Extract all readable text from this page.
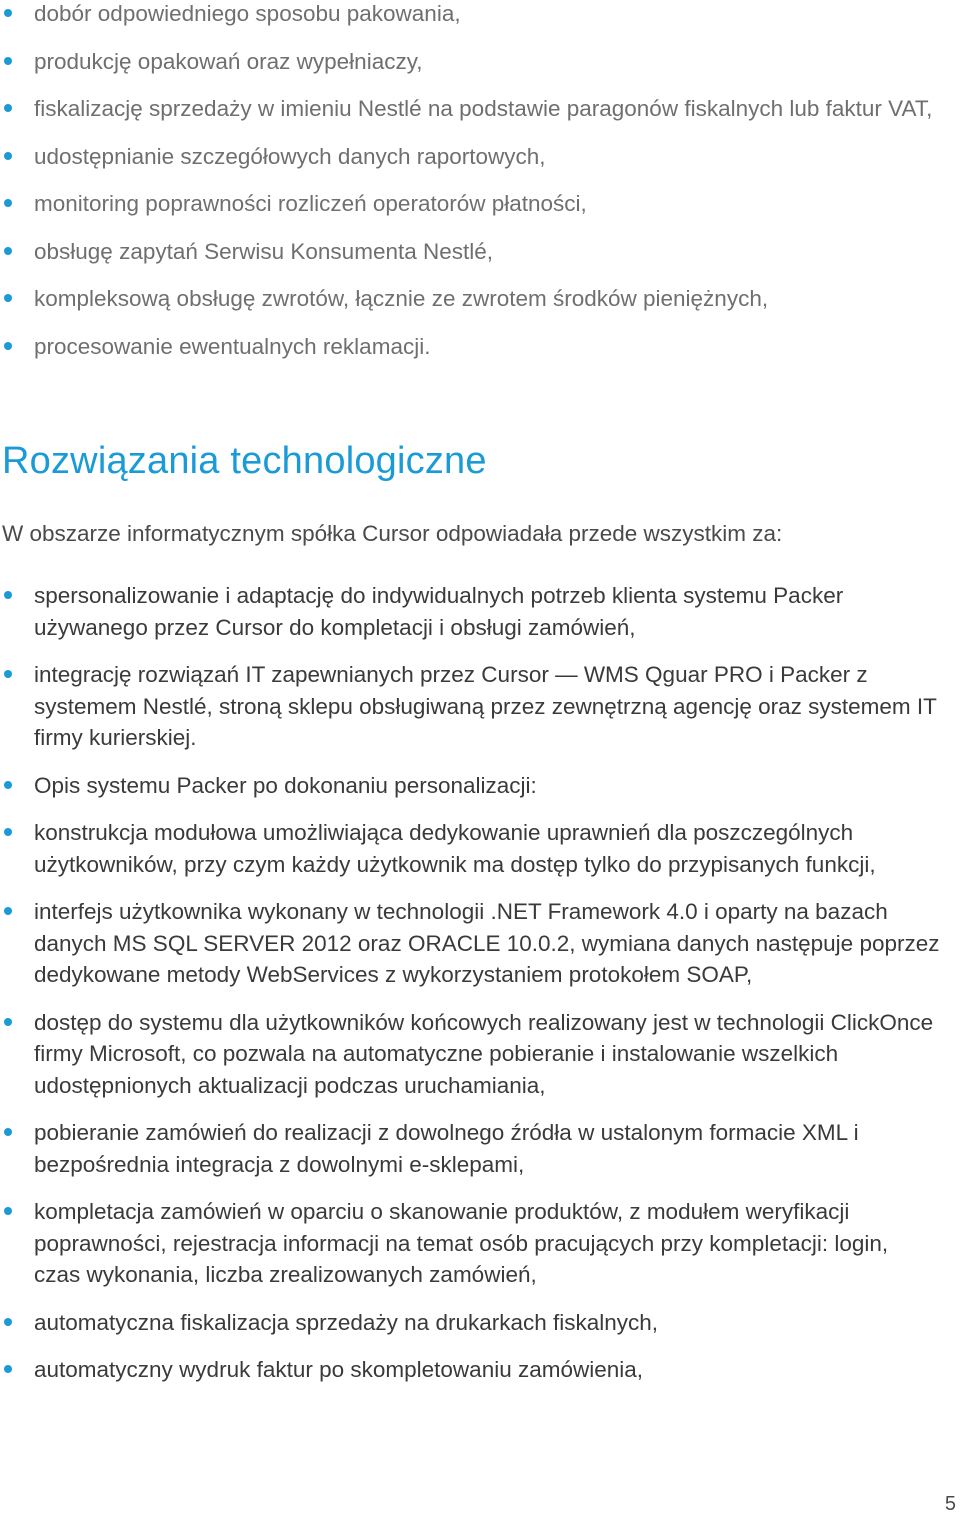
dobór odpowiedniego sposobu pakowania,
produkcję opakowań oraz wypełniaczy,
fiskalizację sprzedaży w imieniu Nestlé na podstawie paragonów fiskalnych lub faktur VAT,
udostępnianie szczegółowych danych raportowych,
monitoring poprawności rozliczeń operatorów płatności,
obsługę zapytań Serwisu Konsumenta Nestlé,
kompleksową obsługę zwrotów, łącznie ze zwrotem środków pieniężnych,
procesowanie ewentualnych reklamacji.
Rozwiązania technologiczne

W obszarze informatycznym spółka Cursor odpowiadała przede wszystkim za:

spersonalizowanie i adaptację do indywidualnych potrzeb klienta systemu Packer używanego przez Cursor do kompletacji i obsługi zamówień,
integrację rozwiązań IT zapewnianych przez Cursor — WMS Qguar PRO i Packer z systemem Nestlé, stroną sklepu obsługiwaną przez zewnętrzną agencję oraz systemem IT firmy kurierskiej.
Opis systemu Packer po dokonaniu personalizacji:
konstrukcja modułowa umożliwiająca dedykowanie uprawnień dla poszczególnych użytkowników, przy czym każdy użytkownik ma dostęp tylko do przypisanych funkcji,
interfejs użytkownika wykonany w technologii .NET Framework 4.0 i oparty na bazach danych MS SQL SERVER 2012 oraz ORACLE 10.0.2, wymiana danych następuje poprzez dedykowane metody WebServices z wykorzystaniem protokołem SOAP,
dostęp do systemu dla użytkowników końcowych realizowany jest w technologii ClickOnce firmy Microsoft, co pozwala na automatyczne pobieranie i instalowanie wszelkich udostępnionych aktualizacji podczas uruchamiania,
pobieranie zamówień do realizacji z dowolnego źródła w ustalonym formacie XML i bezpośrednia integracja z dowolnymi e-sklepami,
kompletacja zamówień w oparciu o skanowanie produktów, z modułem weryfikacji poprawności, rejestracja informacji na temat osób pracujących przy kompletacji: login, czas wykonania, liczba zrealizowanych zamówień,
automatyczna fiskalizacja sprzedaży na drukarkach fiskalnych,
automatyczny wydruk faktur po skompletowaniu zamówienia,
5
